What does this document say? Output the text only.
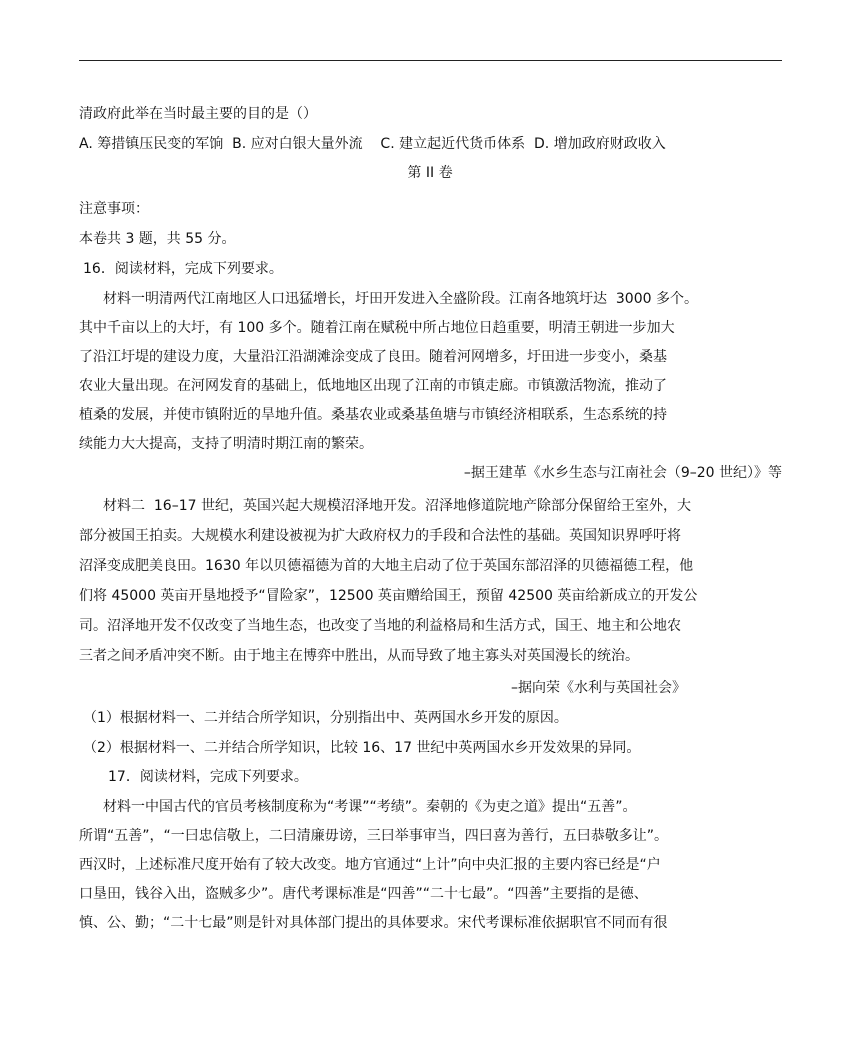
清政府此举在当时最主要的目的是（）
A. 筹措镇压民变的军饷  B. 应对白银大量外流    C. 建立起近代货币体系  D. 增加政府财政收入
第 II 卷
注意事项：
本卷共 3 题，共 55 分。
16．阅读材料，完成下列要求。
材料一明清两代江南地区人口迅猛增长，圩田开发进入全盛阶段。江南各地筑圩达  3000 多个。
其中千亩以上的大圩，有 100 多个。随着江南在赋税中所占地位日趋重要，明清王朝进一步加大
了沿江圩堤的建设力度，大量沿江沿湖滩涂变成了良田。随着河网增多，圩田进一步变小，桑基
农业大量出现。在河网发育的基础上，低地地区出现了江南的市镇走廊。市镇激活物流，推动了
植桑的发展，并使市镇附近的旱地升值。桑基农业或桑基鱼塘与市镇经济相联系，生态系统的持
续能力大大提高，支持了明清时期江南的繁荣。
–据王建革《水乡生态与江南社会（9–20 世纪）》等
材料二  16–17 世纪，英国兴起大规模沼泽地开发。沼泽地修道院地产除部分保留给王室外，大
部分被国王拍卖。大规模水利建设被视为扩大政府权力的手段和合法性的基础。英国知识界呼吁将
沼泽变成肥美良田。1630 年以贝德福德为首的大地主启动了位于英国东部沼泽的贝德福德工程，他
们将 45000 英亩开垦地授予“冒险家”，12500 英亩赠给国王，预留 42500 英亩给新成立的开发公
司。沼泽地开发不仅改变了当地生态，也改变了当地的利益格局和生活方式，国王、地主和公地农
三者之间矛盾冲突不断。由于地主在博弈中胜出，从而导致了地主寡头对英国漫长的统治。
–据向荣《水利与英国社会》
（1）根据材料一、二并结合所学知识，分别指出中、英两国水乡开发的原因。
（2）根据材料一、二并结合所学知识，比较 16、17 世纪中英两国水乡开发效果的异同。
17．阅读材料，完成下列要求。
材料一中国古代的官员考核制度称为“考课”“考绩”。秦朝的《为吏之道》提出“五善”。
所谓“五善”，“一曰忠信敬上，二曰清廉毋谤，三曰举事审当，四曰喜为善行，五曰恭敬多让”。
西汉时，上述标准尺度开始有了较大改变。地方官通过“上计”向中央汇报的主要内容已经是“户
口垦田，钱谷入出，盗贼多少”。唐代考课标准是“四善”“二十七最”。“四善”主要指的是德、
慎、公、勤；“二十七最”则是针对具体部门提出的具体要求。宋代考课标准依据职官不同而有很
